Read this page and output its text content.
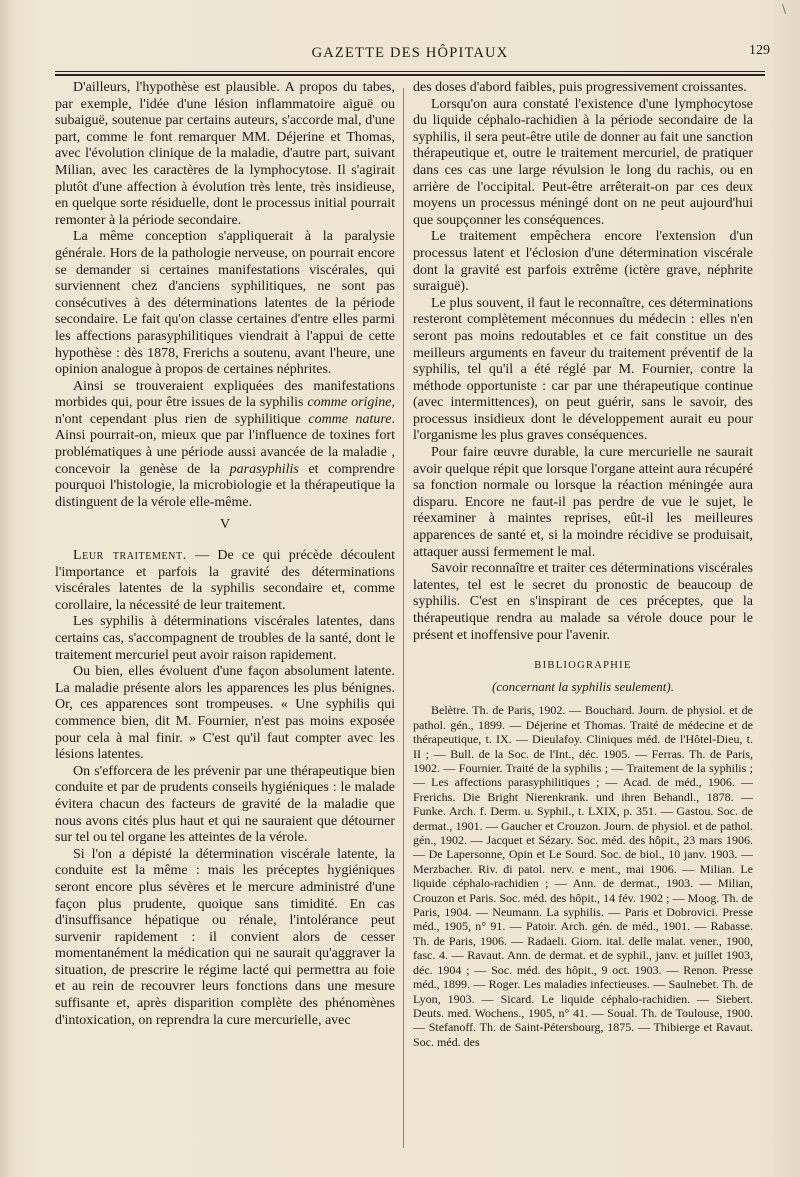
\
GAZETTE DES HÔPITAUX	129

D'ailleurs, l'hypothèse est plausible. A propos du tabes, par exemple, l'idée d'une lésion inflammatoire aiguë ou subaiguë, soutenue par certains auteurs, s'accorde mal, d'une part, comme le font remarquer MM. Déjerine et Thomas, avec l'évolution clinique de la maladie, d'autre part, suivant Milian, avec les caractères de la lymphocytose. Il s'agirait plutôt d'une affection à évolution très lente, très insidieuse, en quelque sorte résiduelle, dont le processus initial pourrait remonter à la période secondaire.

La même conception s'appliquerait à la paralysie générale. Hors de la pathologie nerveuse, on pourrait encore se demander si certaines manifestations viscérales, qui surviennent chez d'anciens syphilitiques, ne sont pas consécutives à des déterminations latentes de la période secondaire. Le fait qu'on classe certaines d'entre elles parmi les affections parasyphilitiques viendrait à l'appui de cette hypothèse : dès 1878, Frerichs a soutenu, avant l'heure, une opinion analogue à propos de certaines néphrites.

Ainsi se trouveraient expliquées des manifestations morbides qui, pour être issues de la syphilis comme origine, n'ont cependant plus rien de syphilitique comme nature. Ainsi pourrait-on, mieux que par l'influence de toxines fort problématiques à une période aussi avancée de la maladie , concevoir la genèse de la parasyphilis et comprendre pourquoi l'histologie, la microbiologie et la thérapeutique la distinguent de la vérole elle-même.

V

Leur traitement. — De ce qui précède découlent l'importance et parfois la gravité des déterminations viscérales latentes de la syphilis secondaire et, comme corollaire, la nécessité de leur traitement.

Les syphilis à déterminations viscérales latentes, dans certains cas, s'accompagnent de troubles de la santé, dont le traitement mercuriel peut avoir raison rapidement.

Ou bien, elles évoluent d'une façon absolument latente. La maladie présente alors les apparences les plus bénignes. Or, ces apparences sont trompeuses. « Une syphilis qui commence bien, dit M. Fournier, n'est pas moins exposée pour cela à mal finir. » C'est qu'il faut compter avec les lésions latentes.

On s'efforcera de les prévenir par une thérapeutique bien conduite et par de prudents conseils hygiéniques : le malade évitera chacun des facteurs de gravité de la maladie que nous avons cités plus haut et qui ne sauraient que détourner sur tel ou tel organe les atteintes de la vérole.

Si l'on a dépisté la détermination viscérale latente, la conduite est la même : mais les préceptes hygiéniques seront encore plus sévères et le mercure administré d'une façon plus prudente, quoique sans timidité. En cas d'insuffisance hépatique ou rénale, l'intolérance peut survenir rapidement : il convient alors de cesser momentanément la médication qui ne saurait qu'aggraver la situation, de prescrire le régime lacté qui permettra au foie et au rein de recouvrer leurs fonctions dans une mesure suffisante et, après disparition complète des phénomènes d'intoxication, on reprendra la cure mercurielle, avec

des doses d'abord faibles, puis progressivement croissantes.

Lorsqu'on aura constaté l'existence d'une lymphocytose du liquide céphalo-rachidien à la période secondaire de la syphilis, il sera peut-être utile de donner au fait une sanction thérapeutique et, outre le traitement mercuriel, de pratiquer dans ces cas une large révulsion le long du rachis, ou en arrière de l'occipital. Peut-être arrêterait-on par ces deux moyens un processus méningé dont on ne peut aujourd'hui que soupçonner les conséquences.

Le traitement empêchera encore l'extension d'un processus latent et l'éclosion d'une détermination viscérale dont la gravité est parfois extrême (ictère grave, néphrite suraiguë).

Le plus souvent, il faut le reconnaître, ces déterminations resteront complètement méconnues du médecin : elles n'en seront pas moins redoutables et ce fait constitue un des meilleurs arguments en faveur du traitement préventif de la syphilis, tel qu'il a été réglé par M. Fournier, contre la méthode opportuniste : car par une thérapeutique continue (avec intermittences), on peut guérir, sans le savoir, des processus insidieux dont le développement aurait eu pour l'organisme les plus graves conséquences.

Pour faire œuvre durable, la cure mercurielle ne saurait avoir quelque répit que lorsque l'organe atteint aura récupéré sa fonction normale ou lorsque la réaction méningée aura disparu. Encore ne faut-il pas perdre de vue le sujet, le réexaminer à maintes reprises, eût-il les meilleures apparences de santé et, si la moindre récidive se produisait, attaquer aussi fermement le mal.

Savoir reconnaître et traiter ces déterminations viscérales latentes, tel est le secret du pronostic de beaucoup de syphilis. C'est en s'inspirant de ces préceptes, que la thérapeutique rendra au malade sa vérole douce pour le présent et inoffensive pour l'avenir.

BIBLIOGRAPHIE

(concernant la syphilis seulement).

Belètre. Th. de Paris, 1902. — Bouchard. Journ. de physiol. et de pathol. gén., 1899. — Déjerine et Thomas. Traité de médecine et de thérapeutique, t. IX. — Dieulafoy. Cliniques méd. de l'Hôtel-Dieu, t. II ; — Bull. de la Soc. de l'Int., déc. 1905. — Ferras. Th. de Paris, 1902. — Fournier. Traité de la syphilis ; — Traitement de la syphilis ; — Les affections parasyphilitiques ; — Acad. de méd., 1906. — Frerichs. Die Bright Nierenkrank. und ihren Behandl., 1878. — Funke. Arch. f. Derm. u. Syphil., t. LXIX, p. 351. — Gastou. Soc. de dermat., 1901. — Gaucher et Crouzon. Journ. de physiol. et de pathol. gén., 1902. — Jacquet et Sézary. Soc. méd. des hôpit., 23 mars 1906. — De Lapersonne, Opin et Le Sourd. Soc. de biol., 10 janv. 1903. — Merzbacher. Riv. di patol. nerv. e ment., mai 1906. — Milian. Le liquide céphalo-rachidien ; — Ann. de dermat., 1903. — Milian, Crouzon et Paris. Soc. méd. des hôpit., 14 fév. 1902 ; — Moog. Th. de Paris, 1904. — Neumann. La syphilis. — Paris et Dobrovici. Presse méd., 1905, n° 91. — Patoir. Arch. gén. de méd., 1901. — Rabasse. Th. de Paris, 1906. — Radaeli. Giorn. ital. delle malat. vener., 1900, fasc. 4. — Ravaut. Ann. de dermat. et de syphil., janv. et juillet 1903, déc. 1904 ; — Soc. méd. des hôpit., 9 oct. 1903. — Renon. Presse méd., 1899. — Roger. Les maladies infectieuses. — Saulnebet. Th. de Lyon, 1903. — Sicard. Le liquide céphalo-rachidien. — Siebert. Deuts. med. Wochens., 1905, n° 41. — Soual. Th. de Toulouse, 1900. — Stefanoff. Th. de Saint-Pétersbourg, 1875. — Thibierge et Ravaut. Soc. méd. des
